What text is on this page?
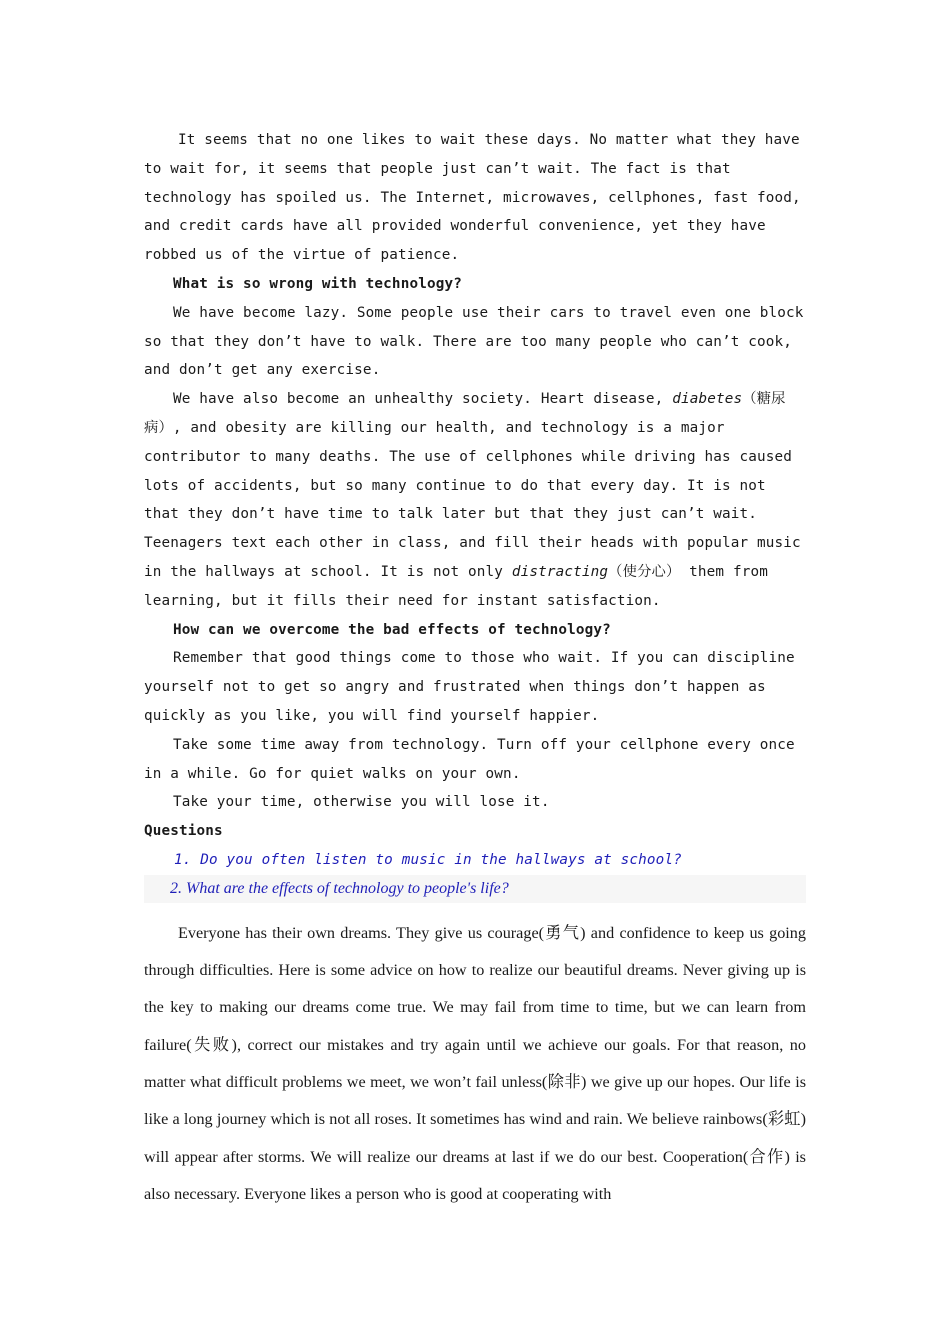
It seems that no one likes to wait these days. No matter what they have to wait for, it seems that people just can’t wait. The fact is that technology has spoiled us. The Internet, microwaves, cellphones, fast food, and credit cards have all provided wonderful convenience, yet they have robbed us of the virtue of patience.

What is so wrong with technology?

We have become lazy. Some people use their cars to travel even one block so that they don’t have to walk. There are too many people who can’t cook, and don’t get any exercise.

We have also become an unhealthy society. Heart disease, diabetes（糖尿病）, and obesity are killing our health, and technology is a major contributor to many deaths. The use of cellphones while driving has caused lots of accidents, but so many continue to do that every day. It is not that they don’t have time to talk later but that they just can’t wait. Teenagers text each other in class, and fill their heads with popular music in the hallways at school. It is not only distracting（使分心） them from learning, but it fills their need for instant satisfaction.

How can we overcome the bad effects of technology?

Remember that good things come to those who wait. If you can discipline yourself not to get so angry and frustrated when things don’t happen as quickly as you like, you will find yourself happier.

Take some time away from technology. Turn off your cellphone every once in a while. Go for quiet walks on your own.

Take your time, otherwise you will lose it.

Questions

1. Do you often listen to music in the hallways at school?

2. What are the effects of technology to people's life?

Everyone has their own dreams. They give us courage(勇气) and confidence to keep us going through difficulties. Here is some advice on how to realize our beautiful dreams. Never giving up is the key to making our dreams come true. We may fail from time to time, but we can learn from failure(失败), correct our mistakes and try again until we achieve our goals. For that reason, no matter what difficult problems we meet, we won’t fail unless(除非) we give up our hopes. Our life is like a long journey which is not all roses. It sometimes has wind and rain. We believe rainbows(彩虹) will appear after storms. We will realize our dreams at last if we do our best. Cooperation(合作) is also necessary. Everyone likes a person who is good at cooperating with
